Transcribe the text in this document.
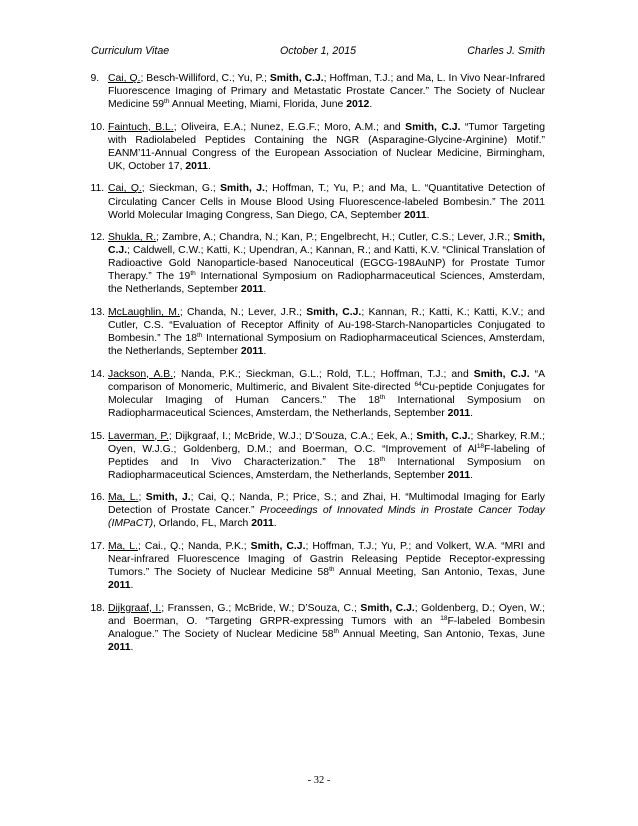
Curriculum Vitae	October 1, 2015	Charles J. Smith
9. Cai, Q.; Besch-Williford, C.; Yu, P.; Smith, C.J.; Hoffman, T.J.; and Ma, L. In Vivo Near-Infrared Fluorescence Imaging of Primary and Metastatic Prostate Cancer.” The Society of Nuclear Medicine 59th Annual Meeting, Miami, Florida, June 2012.
10. Faintuch, B.L.; Oliveira, E.A.; Nunez, E.G.F.; Moro, A.M.; and Smith, C.J. “Tumor Targeting with Radiolabeled Peptides Containing the NGR (Asparagine-Glycine-Arginine) Motif.” EANM’11-Annual Congress of the European Association of Nuclear Medicine, Birmingham, UK, October 17, 2011.
11. Cai, Q.; Sieckman, G.; Smith, J.; Hoffman, T.; Yu, P.; and Ma, L. “Quantitative Detection of Circulating Cancer Cells in Mouse Blood Using Fluorescence-labeled Bombesin.” The 2011 World Molecular Imaging Congress, San Diego, CA, September 2011.
12. Shukla, R.; Zambre, A.; Chandra, N.; Kan, P.; Engelbrecht, H.; Cutler, C.S.; Lever, J.R.; Smith, C.J.; Caldwell, C.W.; Katti, K.; Upendran, A.; Kannan, R.; and Katti, K.V. “Clinical Translation of Radioactive Gold Nanoparticle-based Nanoceutical (EGCG-198AuNP) for Prostate Tumor Therapy.” The 19th International Symposium on Radiopharmaceutical Sciences, Amsterdam, the Netherlands, September 2011.
13. McLaughlin, M.; Chanda, N.; Lever, J.R.; Smith, C.J.; Kannan, R.; Katti, K.; Katti, K.V.; and Cutler, C.S. “Evaluation of Receptor Affinity of Au-198-Starch-Nanoparticles Conjugated to Bombesin.” The 18th International Symposium on Radiopharmaceutical Sciences, Amsterdam, the Netherlands, September 2011.
14. Jackson, A.B.; Nanda, P.K.; Sieckman, G.L.; Rold, T.L.; Hoffman, T.J.; and Smith, C.J. “A comparison of Monomeric, Multimeric, and Bivalent Site-directed $^{64}$Cu-peptide Conjugates for Molecular Imaging of Human Cancers.” The 18th International Symposium on Radiopharmaceutical Sciences, Amsterdam, the Netherlands, September 2011.
15. Laverman, P.; Dijkgraaf, I.; McBride, W.J.; D’Souza, C.A.; Eek, A.; Smith, C.J.; Sharkey, R.M.; Oyen, W.J.G.; Goldenberg, D.M.; and Boerman, O.C. “Improvement of Al$^{18}$F-labeling of Peptides and In Vivo Characterization.” The 18th International Symposium on Radiopharmaceutical Sciences, Amsterdam, the Netherlands, September 2011.
16. Ma, L.; Smith, J.; Cai, Q.; Nanda, P.; Price, S.; and Zhai, H. “Multimodal Imaging for Early Detection of Prostate Cancer.” Proceedings of Innovated Minds in Prostate Cancer Today (IMPaCT), Orlando, FL, March 2011.
17. Ma, L.; Cai., Q.; Nanda, P.K.; Smith, C.J.; Hoffman, T.J.; Yu, P.; and Volkert, W.A. “MRI and Near-infrared Fluorescence Imaging of Gastrin Releasing Peptide Receptor-expressing Tumors.” The Society of Nuclear Medicine 58th Annual Meeting, San Antonio, Texas, June 2011.
18. Dijkgraaf, I.; Franssen, G.; McBride, W.; D’Souza, C.; Smith, C.J.; Goldenberg, D.; Oyen, W.; and Boerman, O. “Targeting GRPR-expressing Tumors with an $^{18}$F-labeled Bombesin Analogue.” The Society of Nuclear Medicine 58th Annual Meeting, San Antonio, Texas, June 2011.
- 32 -
